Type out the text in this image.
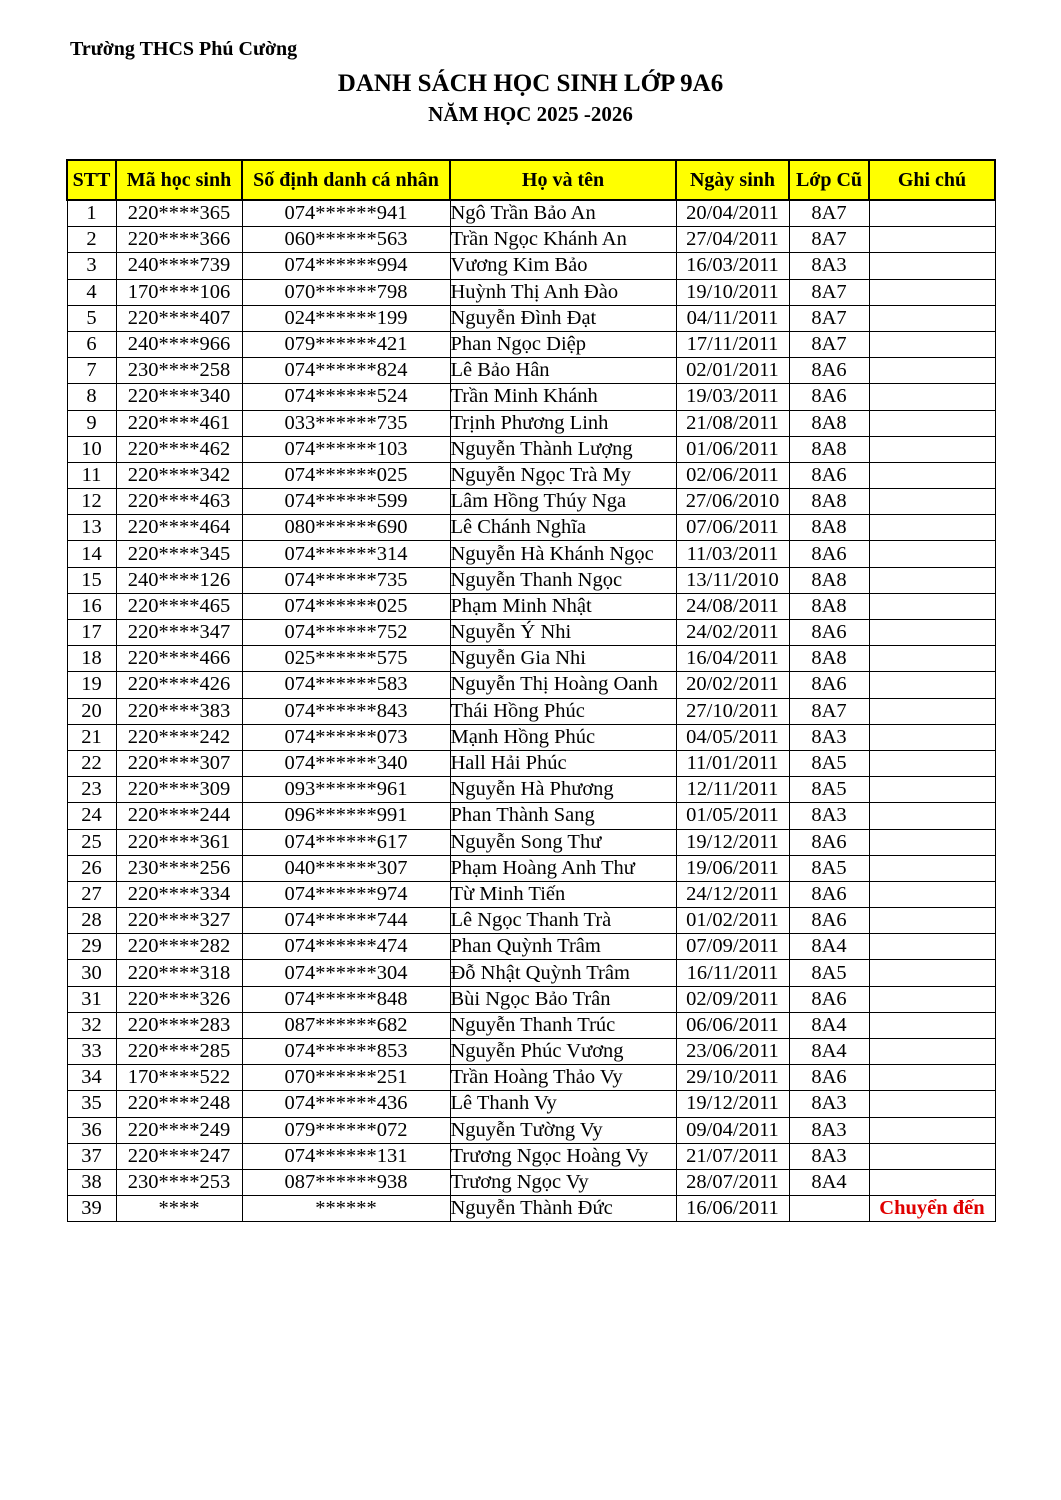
Trường THCS Phú Cường
DANH SÁCH HỌC SINH LỚP 9A6
NĂM HỌC 2025 -2026
STT	Mã học sinh	Số định danh cá nhân	Họ và tên	Ngày sinh	Lớp Cũ	Ghi chú
1	220****365	074******941	Ngô Trần Bảo An	20/04/2011	8A7	
2	220****366	060******563	Trần Ngọc Khánh An	27/04/2011	8A7	
3	240****739	074******994	Vương Kim Bảo	16/03/2011	8A3	
4	170****106	070******798	Huỳnh Thị Anh Đào	19/10/2011	8A7	
5	220****407	024******199	Nguyễn Đình Đạt	04/11/2011	8A7	
6	240****966	079******421	Phan Ngọc Diệp	17/11/2011	8A7	
7	230****258	074******824	Lê Bảo Hân	02/01/2011	8A6	
8	220****340	074******524	Trần Minh Khánh	19/03/2011	8A6	
9	220****461	033******735	Trịnh Phương Linh	21/08/2011	8A8	
10	220****462	074******103	Nguyễn Thành Lượng	01/06/2011	8A8	
11	220****342	074******025	Nguyễn Ngọc Trà My	02/06/2011	8A6	
12	220****463	074******599	Lâm Hồng Thúy Nga	27/06/2010	8A8	
13	220****464	080******690	Lê Chánh Nghĩa	07/06/2011	8A8	
14	220****345	074******314	Nguyễn Hà Khánh Ngọc	11/03/2011	8A6	
15	240****126	074******735	Nguyễn Thanh Ngọc	13/11/2010	8A8	
16	220****465	074******025	Phạm Minh Nhật	24/08/2011	8A8	
17	220****347	074******752	Nguyễn Ý Nhi	24/02/2011	8A6	
18	220****466	025******575	Nguyễn Gia Nhi	16/04/2011	8A8	
19	220****426	074******583	Nguyễn Thị Hoàng Oanh	20/02/2011	8A6	
20	220****383	074******843	Thái Hồng Phúc	27/10/2011	8A7	
21	220****242	074******073	Mạnh Hồng Phúc	04/05/2011	8A3	
22	220****307	074******340	Hall Hải Phúc	11/01/2011	8A5	
23	220****309	093******961	Nguyễn Hà Phương	12/11/2011	8A5	
24	220****244	096******991	Phan Thành Sang	01/05/2011	8A3	
25	220****361	074******617	Nguyễn Song Thư	19/12/2011	8A6	
26	230****256	040******307	Phạm Hoàng Anh Thư	19/06/2011	8A5	
27	220****334	074******974	Từ Minh Tiến	24/12/2011	8A6	
28	220****327	074******744	Lê Ngọc Thanh Trà	01/02/2011	8A6	
29	220****282	074******474	Phan Quỳnh Trâm	07/09/2011	8A4	
30	220****318	074******304	Đỗ Nhật Quỳnh Trâm	16/11/2011	8A5	
31	220****326	074******848	Bùi Ngọc Bảo Trân	02/09/2011	8A6	
32	220****283	087******682	Nguyễn Thanh Trúc	06/06/2011	8A4	
33	220****285	074******853	Nguyễn Phúc Vương	23/06/2011	8A4	
34	170****522	070******251	Trần Hoàng Thảo Vy	29/10/2011	8A6	
35	220****248	074******436	Lê Thanh Vy	19/12/2011	8A3	
36	220****249	079******072	Nguyễn Tường Vy	09/04/2011	8A3	
37	220****247	074******131	Trương Ngọc Hoàng Vy	21/07/2011	8A3	
38	230****253	087******938	Trương Ngọc Vy	28/07/2011	8A4	
39	****	******	Nguyễn Thành Đức	16/06/2011		Chuyển đến
